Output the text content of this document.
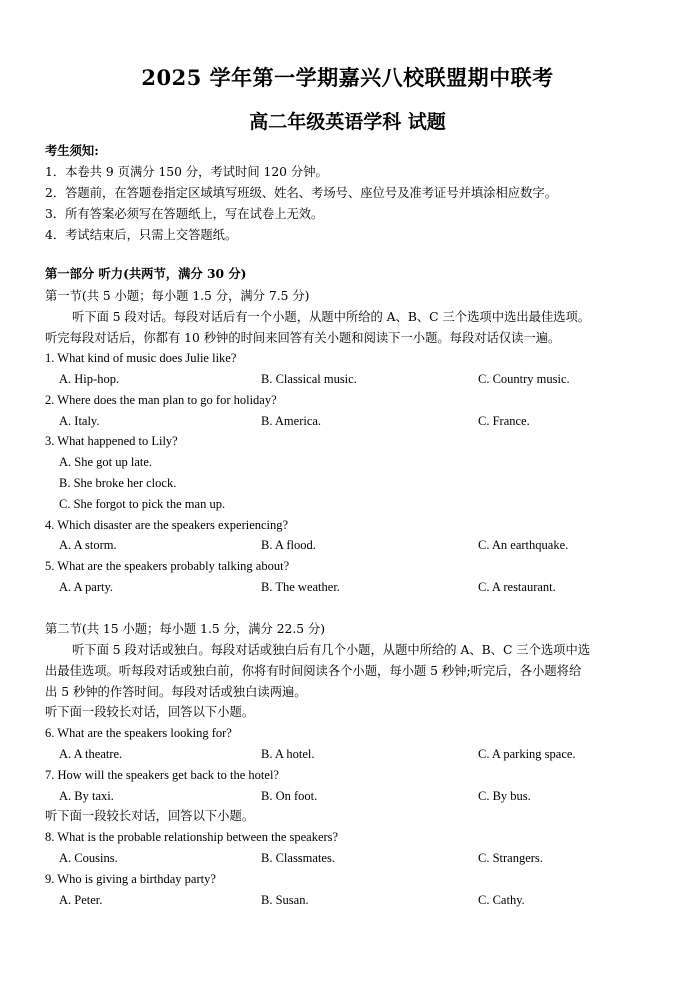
2025 学年第一学期嘉兴八校联盟期中联考
高二年级英语学科 试题
考生须知:
1．本卷共 9 页满分 150 分，考试时间 120 分钟。
2．答题前，在答题卷指定区域填写班级、姓名、考场号、座位号及准考证号并填涂相应数字。
3．所有答案必须写在答题纸上，写在试卷上无效。
4．考试结束后，只需上交答题纸。
第一部分 听力(共两节，满分 30 分)
第一节(共 5 小题；每小题 1.5 分，满分 7.5 分)
听下面 5 段对话。每段对话后有一个小题，从题中所给的 A、B、C 三个选项中选出最佳选项。
听完每段对话后，你都有 10 秒钟的时间来回答有关小题和阅读下一小题。每段对话仅读一遍。
1. What kind of music does Julie like?
A. Hip-hop.	B. Classical music.	C. Country music.
2. Where does the man plan to go for holiday?
A. Italy.	B. America.	C. France.
3. What happened to Lily?
A. She got up late.
B. She broke her clock.
C. She forgot to pick the man up.
4. Which disaster are the speakers experiencing?
A. A storm.	B. A flood.	C. An earthquake.
5. What are the speakers probably talking about?
A. A party.	B. The weather.	C. A restaurant.
第二节(共 15 小题；每小题 1.5 分，满分 22.5 分)
听下面 5 段对话或独白。每段对话或独白后有几个小题，从题中所给的 A、B、C 三个选项中选
出最佳选项。听每段对话或独白前，你将有时间阅读各个小题，每小题 5 秒钟;听完后，各小题将给
出 5 秒钟的作答时间。每段对话或独白读两遍。
听下面一段较长对话，回答以下小题。
6. What are the speakers looking for?
A. A theatre.	B. A hotel.	C. A parking space.
7. How will the speakers get back to the hotel?
A. By taxi.	B. On foot.	C. By bus.
听下面一段较长对话，回答以下小题。
8. What is the probable relationship between the speakers?
A. Cousins.	B. Classmates.	C. Strangers.
9. Who is giving a birthday party?
A. Peter.	B. Susan.	C. Cathy.
